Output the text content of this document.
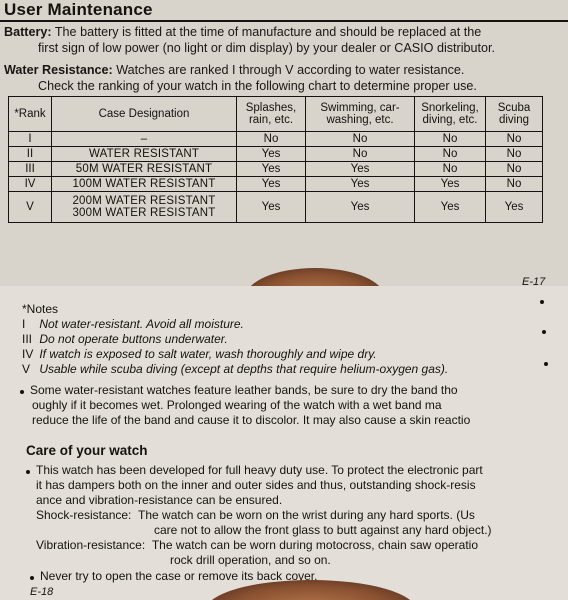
User Maintenance
Battery: The battery is fitted at the time of manufacture and should be replaced at the
first sign of low power (no light or dim display) by your dealer or CASIO distributor.
Water Resistance: Watches are ranked I through V according to water resistance.
Check the ranking of your watch in the following chart to determine proper use.
*Rank	Case Designation	Splashes, rain, etc.	Swimming, car-washing, etc.	Snorkeling, diving, etc.	Scuba diving
I	–	No	No	No	No
II	WATER RESISTANT	Yes	No	No	No
III	50M WATER RESISTANT	Yes	Yes	No	No
IV	100M WATER RESISTANT	Yes	Yes	Yes	No
V	200M WATER RESISTANT
300M WATER RESISTANT	Yes	Yes	Yes	Yes
E-17
*Notes
I Not water-resistant. Avoid all moisture.
III Do not operate buttons underwater.
IV If watch is exposed to salt water, wash thoroughly and wipe dry.
V Usable while scuba diving (except at depths that require helium-oxygen gas).
Some water-resistant watches feature leather bands, be sure to dry the band tho
oughly if it becomes wet. Prolonged wearing of the watch with a wet band ma
reduce the life of the band and cause it to discolor. It may also cause a skin reactio
Care of your watch
This watch has been developed for full heavy duty use. To protect the electronic part
it has dampers both on the inner and outer sides and thus, outstanding shock-resis
ance and vibration-resistance can be ensured.
Shock-resistance: The watch can be worn on the wrist during any hard sports. (Us
care not to allow the front glass to butt against any hard object.)
Vibration-resistance: The watch can be worn during motocross, chain saw operatio
rock drill operation, and so on.
Never try to open the case or remove its back cover.
E-18
